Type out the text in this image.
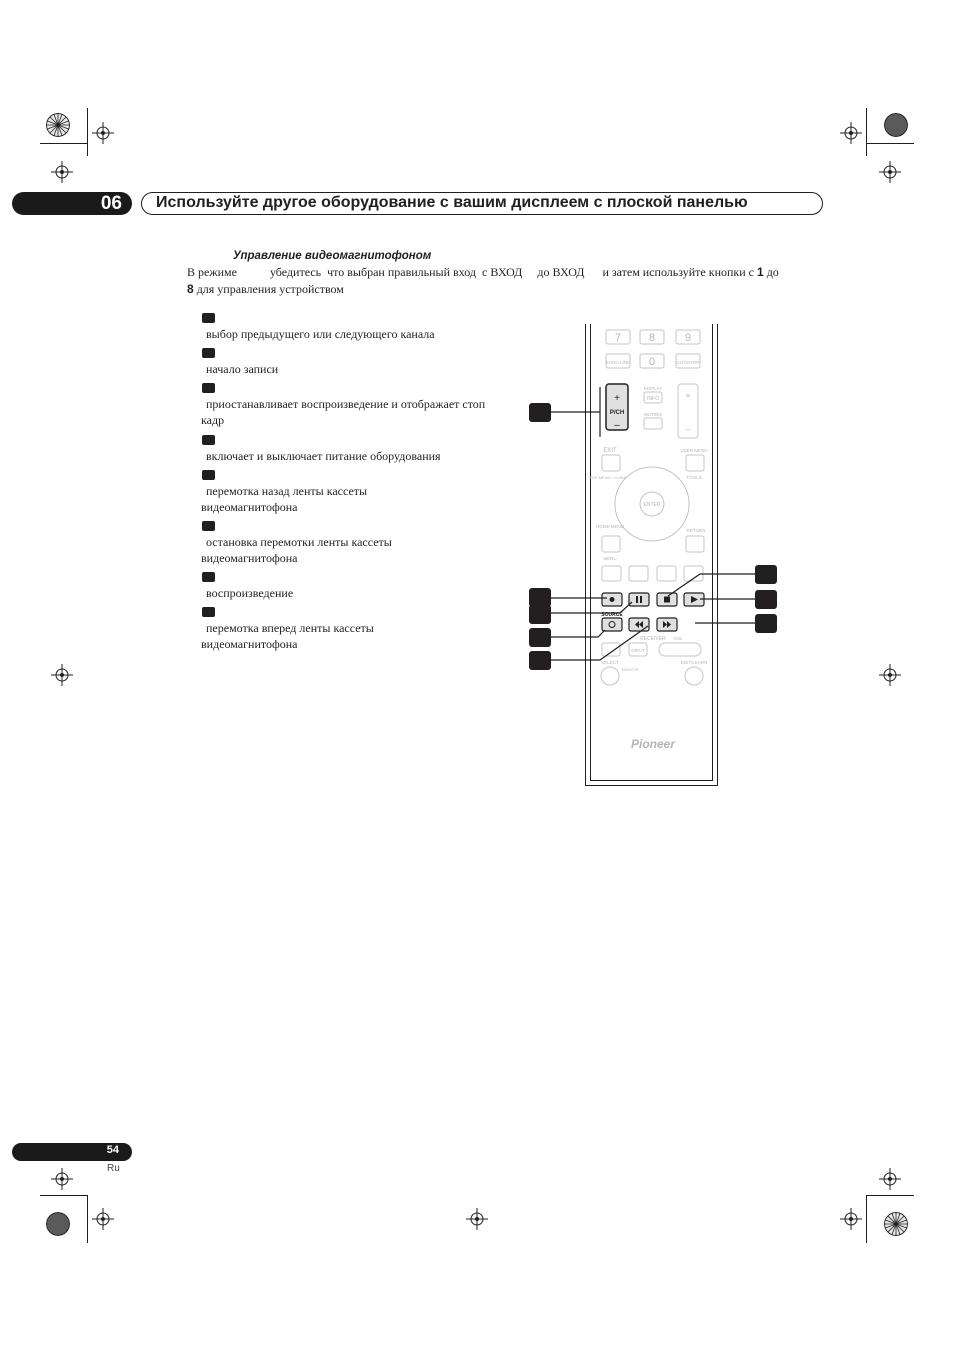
06 Используйте другое оборудование с вашим дисплеем с плоской панелью
Управление видеомагнитофоном
В режиме           убедитесь  что выбран правильный вход  с ВХОД     до ВХОД      и затем используйте кнопки с 1 до
8 для управления устройством
выбор предыдущего или следующего канала
начало записи
приостанавливает воспроизведение и отображает стоп кадр
включает и выключает питание оборудования
перемотка назад ленты кассеты видеомагнитофона
остановка перемотки ленты кассеты видеомагнитофона
воспроизведение
перемотка вперед ленты кассеты видеомагнитофона
7	8	9
EURO LINK 0	CH ENTER
+
P/CH
–
DISPLAY
INFO
MUTING
+
–
EXIT	USER MENU
TOP MENU / GUIDE	TOOLS
ENTER
HOME MENU
MENU
RETURN
SOURCE
RECEIVER
INPUT
VOL
SELECT
MONITOR
EDIT/LEARN
Pioneer
54
Ru
